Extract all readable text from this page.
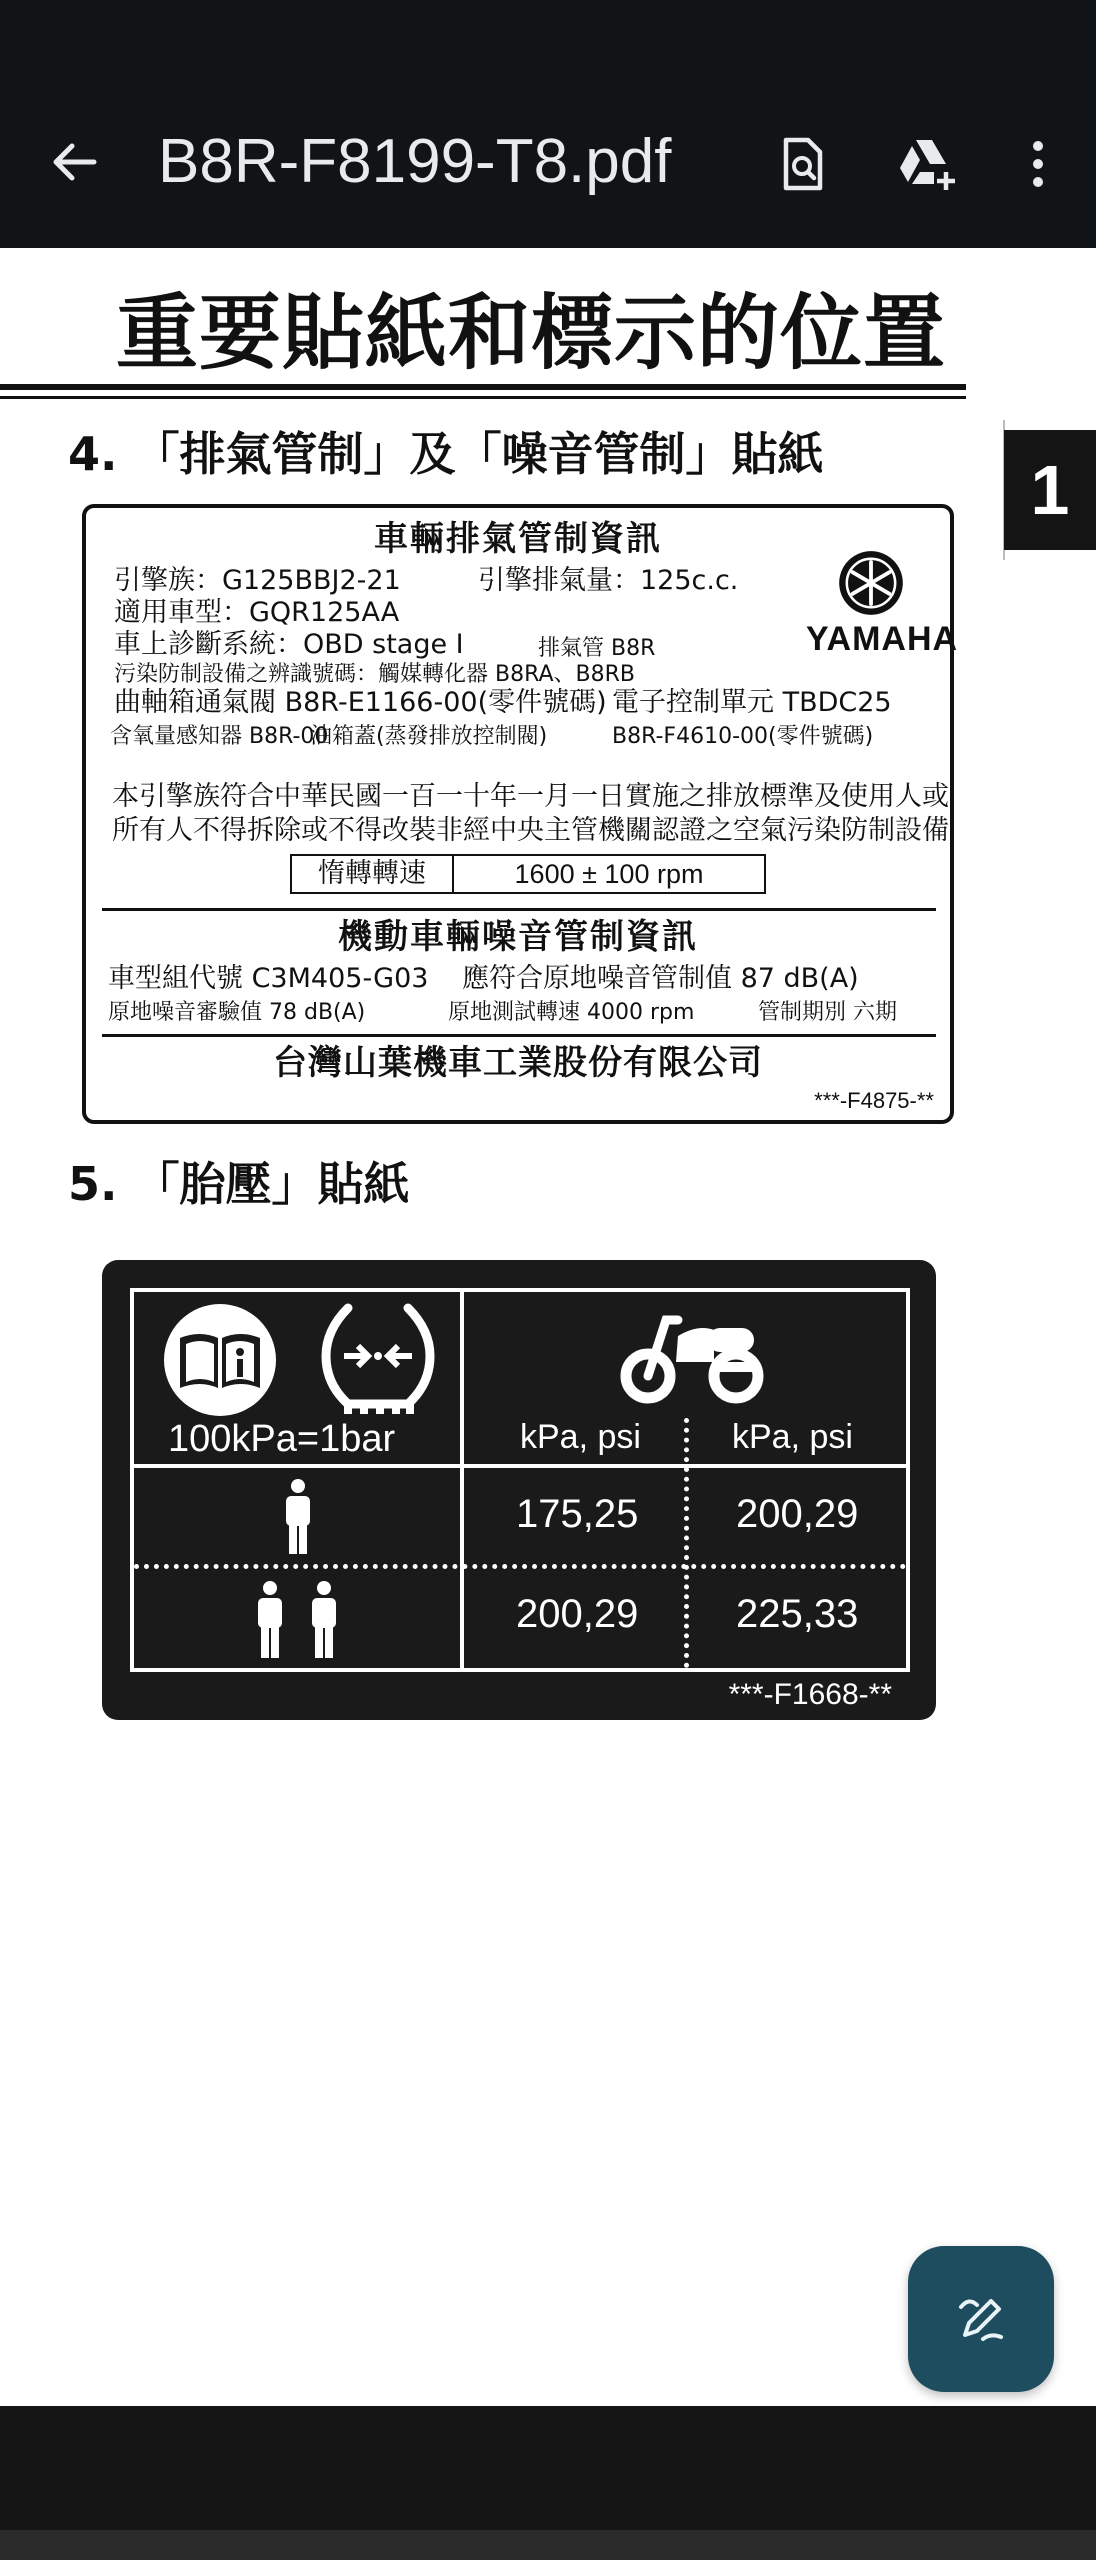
B8R-F8199-T8.pdf
重要貼紙和標示的位置
1
4. 「排氣管制」及「噪音管制」貼紙
車輛排氣管制資訊
YAMAHA
引擎族：G125BBJ2-21	引擎排氣量：125c.c.
適用車型：GQR125AA
車上診斷系統：OBD stage I	排氣管 B8R
污染防制設備之辨識號碼：觸媒轉化器 B8RA、B8RB
曲軸箱通氣閥 B8R-E1166-00(零件號碼) 電子控制單元 TBDC25
含氧量感知器 B8R-00
油箱蓋(蒸發排放控制閥)	B8R-F4610-00(零件號碼)
本引擎族符合中華民國一百一十年一月一日實施之排放標準及使用人或
所有人不得拆除或不得改裝非經中央主管機關認證之空氣污染防制設備
惰轉轉速	1600 ± 100 rpm
機動車輛噪音管制資訊
車型組代號 C3M405-G03 應符合原地噪音管制值 87 dB(A)
原地噪音審驗值 78 dB(A)	原地測試轉速 4000 rpm	管制期別 六期
台灣山葉機車工業股份有限公司
***-F4875-**
5. 「胎壓」貼紙
100kPa=1bar	kPa, psi	kPa, psi
175,25 200,29
200,29 225,33
***-F1668-**
